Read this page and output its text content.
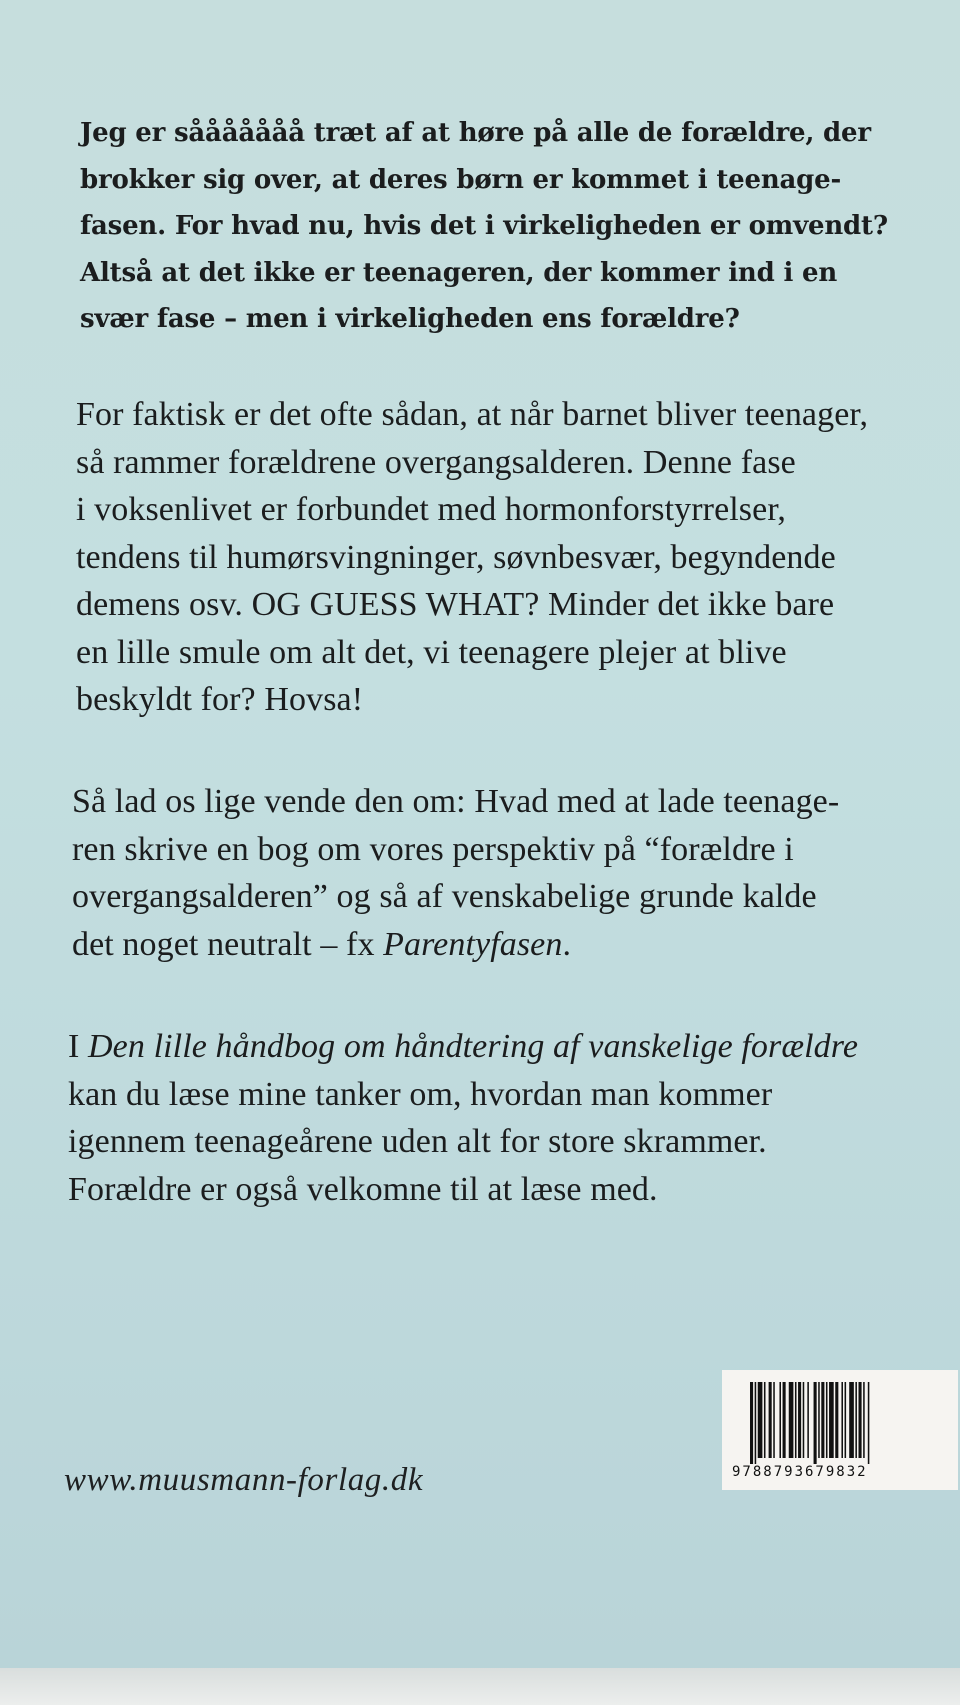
Jeg er sååååååå træt af at høre på alle de forældre, der
brokker sig over, at deres børn er kommet i teenage-
fasen. For hvad nu, hvis det i virkeligheden er omvendt?
Altså at det ikke er teenageren, der kommer ind i en
svær fase – men i virkeligheden ens forældre?

For faktisk er det ofte sådan, at når barnet bliver teenager,
så rammer forældrene overgangsalderen. Denne fase
i voksenlivet er forbundet med hormonforstyrrelser,
tendens til humørsvingninger, søvnbesvær, begyndende
demens osv. OG GUESS WHAT? Minder det ikke bare
en lille smule om alt det, vi teenagere plejer at blive
beskyldt for? Hovsa!

Så lad os lige vende den om: Hvad med at lade teenage-
ren skrive en bog om vores perspektiv på “forældre i
overgangsalderen” og så af venskabelige grunde kalde
det noget neutralt – fx Parentyfasen.

I Den lille håndbog om håndtering af vanskelige forældre
kan du læse mine tanker om, hvordan man kommer
igennem teenageårene uden alt for store skrammer.
Forældre er også velkomne til at læse med.

www.muusmann-forlag.dk	9788793679832
